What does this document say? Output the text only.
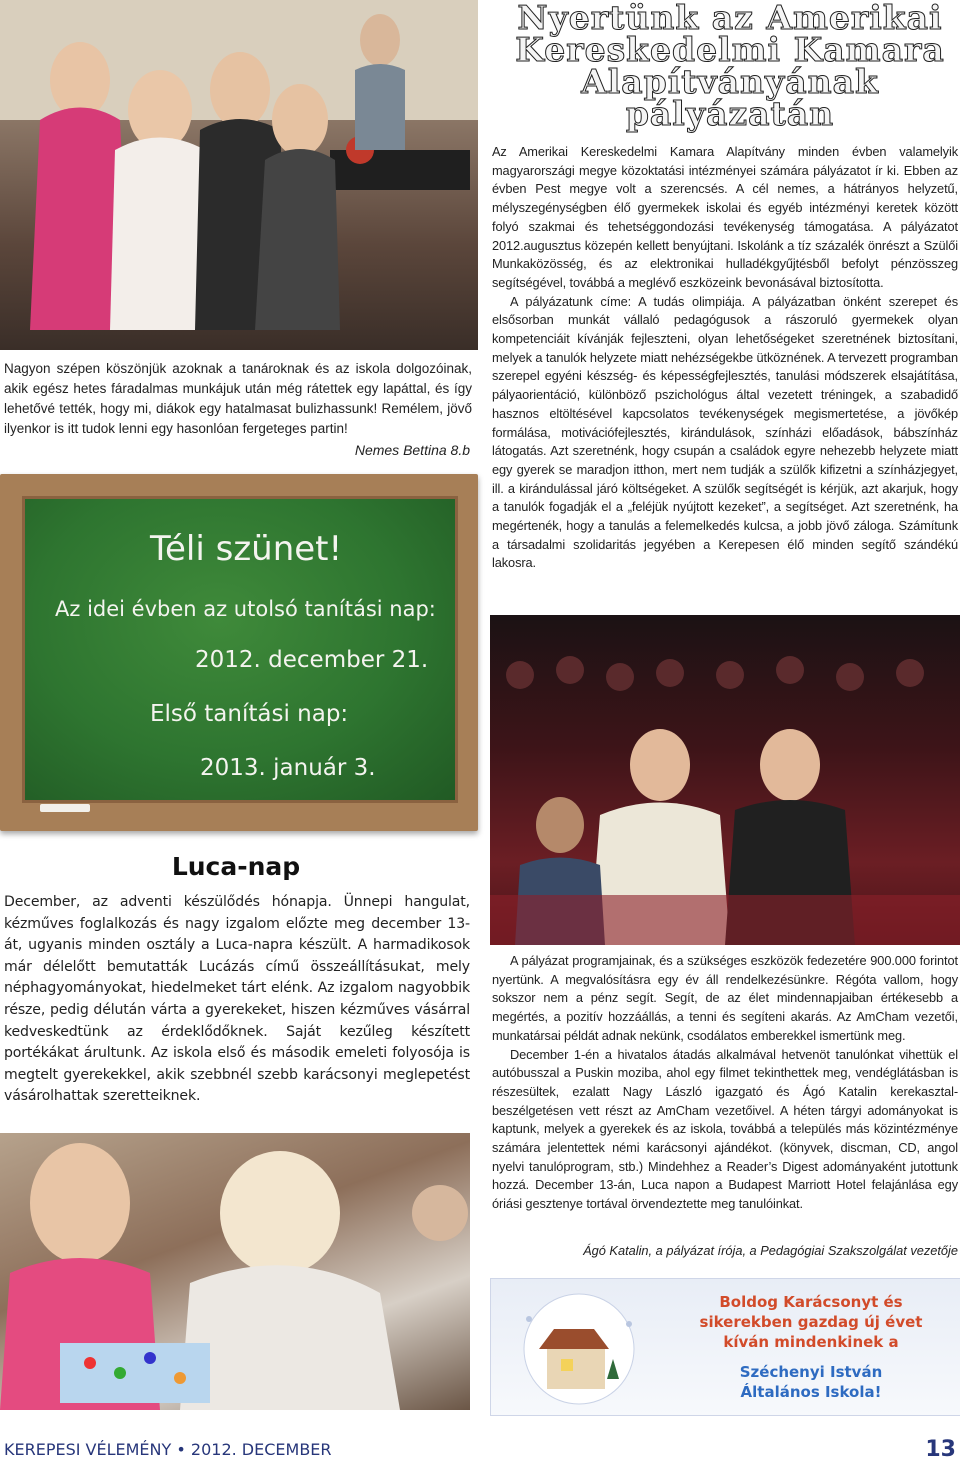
Nagyon szépen köszönjük azoknak a tanároknak és az iskola dolgozóinak, akik egész hetes fáradalmas munkájuk után még rátettek egy lapáttal, és így lehetővé tették, hogy mi, diákok egy hatalmasat bulizhassunk! Remélem, jövő ilyenkor is itt tudok lenni egy hasonlóan fergeteges partin!

Nemes Bettina 8.b
Téli szünet!
Az idei évben az utolsó tanítási nap:
2012. december 21.
Első tanítási nap:
2013. január 3.
Luca-nap

December, az adventi készülődés hónapja. Ünnepi hangulat, kézműves foglalkozás és nagy izgalom előzte meg december 13-át, ugyanis minden osztály a Luca-napra készült. A harmadikosok már délelőtt bemutatták Lucázás című összeállításukat, mely néphagyományokat, hiedelmeket tárt elénk. Az izgalom nagyobbik része, pedig délután várta a gyerekeket, hiszen kézműves vásárral kedveskedtünk az érdeklődőknek. Saját kezűleg készített portékákat árultunk. Az iskola első és második emeleti folyosója is megtelt gyerekekkel, akik szebbnél szebb karácsonyi meglepetést vásárolhattak szeretteiknek.

Nyertünk az Amerikai
Kereskedelmi Kamara
Alapítványának
pályázatán

Az Amerikai Kereskedelmi Kamara Alapítvány minden évben valamelyik magyarországi megye közoktatási intézményei számára pályázatot ír ki. Ebben az évben Pest megye volt a szerencsés. A cél nemes, a hátrányos helyzetű, mélyszegénységben élő gyermekek iskolai és egyéb intézményi keretek között folyó szakmai és tehetséggondozási tevékenység támogatása. A pályázatot 2012.augusztus közepén kellett benyújtani. Iskolánk a tíz százalék önrészt a Szülői Munkaközösség, és az elektronikai hulladékgyűjtésből befolyt pénzösszeg segítségével, továbbá a meglévő eszközeink bevonásával biztosította.

A pályázatunk címe: A tudás olimpiája. A pályázatban önként szerepet és elsősorban munkát vállaló pedagógusok a rászoruló gyermekek olyan kompetenciáit kívánják fejleszteni, olyan lehetőségeket szeretnének biztosítani, melyek a tanulók helyzete miatt nehézségekbe ütköznének. A tervezett programban szerepel egyéni készség- és képességfejlesztés, tanulási módszerek elsajátítása, pályaorientáció, különböző pszichológus által vezetett tréningek, a szabadidő hasznos eltöltésével kapcsolatos tevékenységek megismertetése, a jövőkép formálása, motivációfejlesztés, kirándulások, színházi előadások, bábszínház látogatás. Azt szeretnénk, hogy csupán a családok egyre nehezebb helyzete miatt egy gyerek se maradjon itthon, mert nem tudják a szülők kifizetni a színházjegyet, ill. a kirándulással járó költségeket. A szülők segítségét is kérjük, azt akarjuk, hogy a tanulók fogadják el a „feléjük nyújtott kezeket”, a segítséget. Azt szeretnénk, ha megértenék, hogy a tanulás a felemelkedés kulcsa, a jobb jövő záloga. Számítunk a társadalmi szolidaritás jegyében a Kerepesen élő minden segítő szándékú lakosra.

A pályázat programjainak, és a szükséges eszközök fedezetére 900.000 forintot nyertünk. A megvalósításra egy év áll rendelkezésünkre. Régóta vallom, hogy sokszor nem a pénz segít. Segít, de az élet mindennapjaiban értékesebb a megértés, a pozitív hozzáállás, a tenni és segíteni akarás. Az AmCham vezetői, munkatársai példát adnak nekünk, csodálatos emberekkel ismertünk meg.

December 1-én a hivatalos átadás alkalmával hetvenöt tanulónkat vihettük el autóbusszal a Puskin moziba, ahol egy filmet tekinthettek meg, vendéglátásban is részesültek, ezalatt Nagy László igazgató és Ágó Katalin kerekasztal-beszélgetésen vett részt az AmCham vezetőivel. A héten tárgyi adományokat is kaptunk, melyek a gyerekek és az iskola, továbbá a település más közintézménye számára jelentettek némi karácsonyi ajándékot. (könyvek, discman, CD, angol nyelvi tanulóprogram, stb.) Mindehhez a Reader’s Digest adományaként jutottunk hozzá. December 13-án, Luca napon a Budapest Marriott Hotel felajánlása egy óriási gesztenye tortával örvendeztette meg tanulóinkat.

Ágó Katalin, a pályázat írója, a Pedagógiai Szakszolgálat vezetője
Boldog Karácsonyt és
sikerekben gazdag új évet
kíván mindenkinek a
Széchenyi István
Általános Iskola!
KEREPESI VÉLEMÉNY • 2012. DECEMBER	13
